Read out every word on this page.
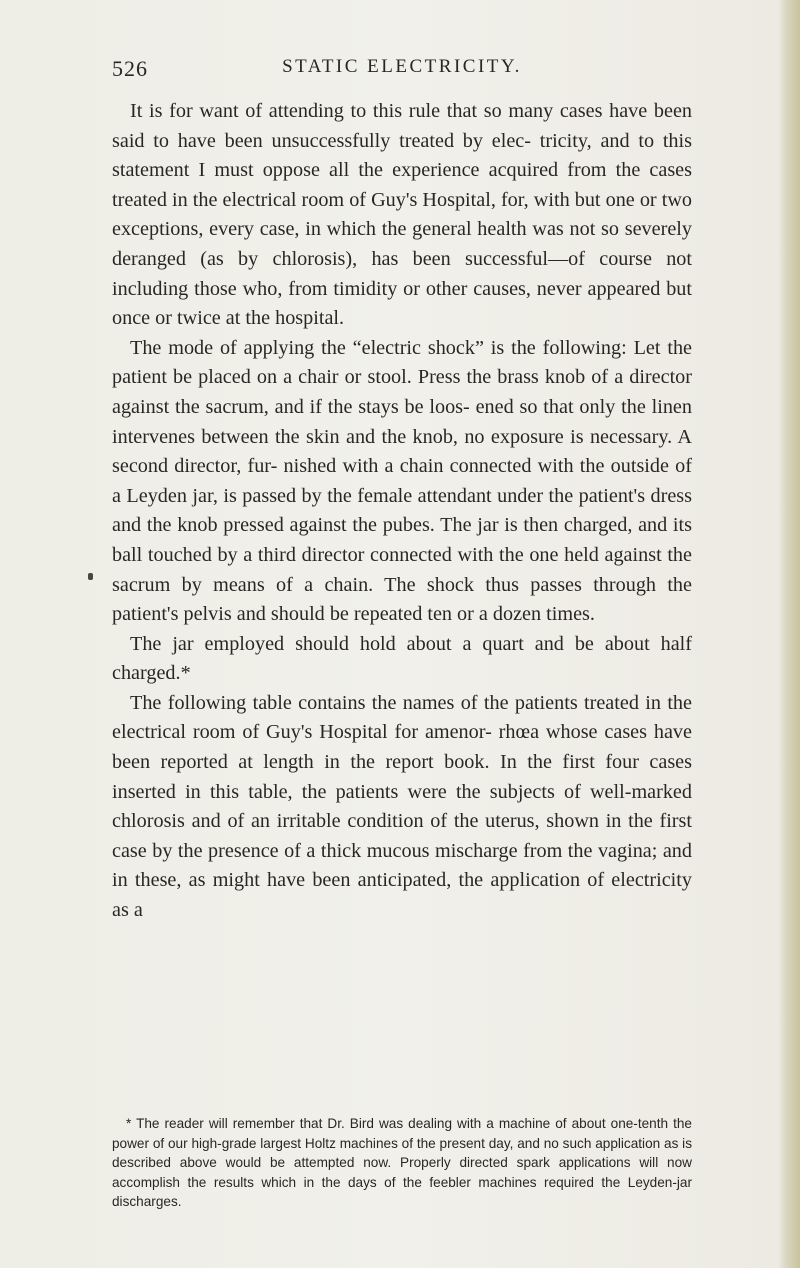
526	STATIC ELECTRICITY.

It is for want of attending to this rule that so many cases have been said to have been unsuccessfully treated by elec- tricity, and to this statement I must oppose all the experience acquired from the cases treated in the electrical room of Guy's Hospital, for, with but one or two exceptions, every case, in which the general health was not so severely deranged (as by chlorosis), has been successful—of course not including those who, from timidity or other causes, never appeared but once or twice at the hospital.

The mode of applying the “electric shock” is the following: Let the patient be placed on a chair or stool. Press the brass knob of a director against the sacrum, and if the stays be loos- ened so that only the linen intervenes between the skin and the knob, no exposure is necessary. A second director, fur- nished with a chain connected with the outside of a Leyden jar, is passed by the female attendant under the patient's dress and the knob pressed against the pubes. The jar is then charged, and its ball touched by a third director connected with the one held against the sacrum by means of a chain. The shock thus passes through the patient's pelvis and should be repeated ten or a dozen times.

The jar employed should hold about a quart and be about half charged.*

The following table contains the names of the patients treated in the electrical room of Guy's Hospital for amenor- rhœa whose cases have been reported at length in the report book. In the first four cases inserted in this table, the patients were the subjects of well-marked chlorosis and of an irritable condition of the uterus, shown in the first case by the presence of a thick mucous mischarge from the vagina; and in these, as might have been anticipated, the application of electricity as a

* The reader will remember that Dr. Bird was dealing with a machine of about one-tenth the power of our high-grade largest Holtz machines of the present day, and no such application as is described above would be attempted now. Properly directed spark applications will now accomplish the results which in the days of the feebler machines required the Leyden-jar discharges.
